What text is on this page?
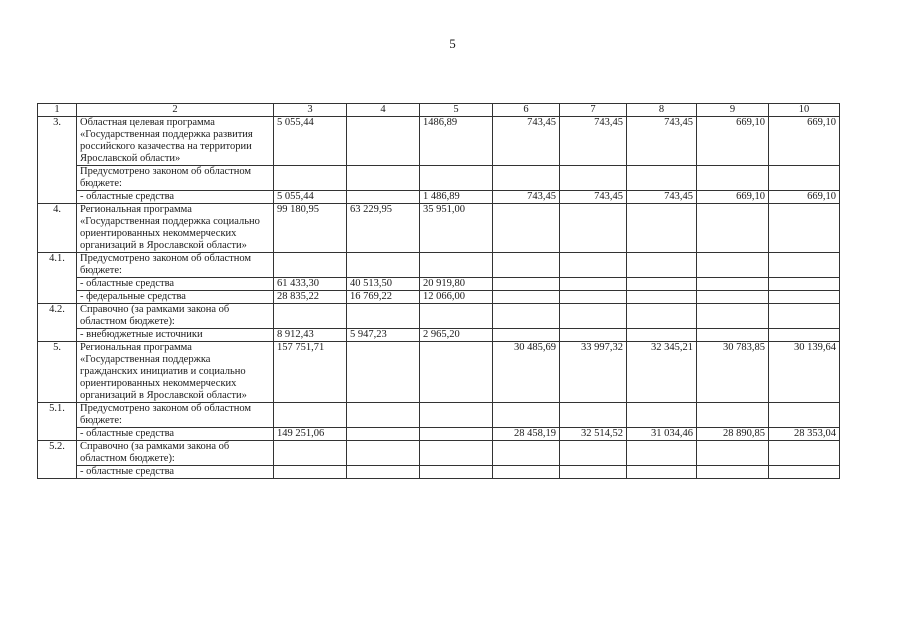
5
1	2	3	4	5	6	7	8	9	10
3.	Областная целевая программа «Государственная поддержка развития российского казачества на территории Ярославской области»	5 055,44		1486,89	743,45	743,45	743,45	669,10	669,10
	Предусмотрено законом об областном бюджете:								
	- областные средства	5 055,44		1 486,89	743,45	743,45	743,45	669,10	669,10
4.	Региональная программа «Государственная поддержка социально ориентированных некоммерческих организаций в Ярославской области»	99 180,95	63 229,95	35 951,00					
4.1.	Предусмотрено законом об областном бюджете:								
	- областные средства	61 433,30	40 513,50	20 919,80					
	- федеральные средства	28 835,22	16 769,22	12 066,00					
4.2.	Справочно (за рамками закона об областном бюджете):								
	- внебюджетные источники	8 912,43	5 947,23	2 965,20					
5.	Региональная программа «Государственная поддержка гражданских инициатив и социально ориентированных некоммерческих организаций в Ярославской области»	157 751,71			30 485,69	33 997,32	32 345,21	30 783,85	30 139,64
5.1.	Предусмотрено законом об областном бюджете:								
	- областные средства	149 251,06			28 458,19	32 514,52	31 034,46	28 890,85	28 353,04
5.2.	Справочно (за рамками закона об областном бюджете):								
	- областные средства								
